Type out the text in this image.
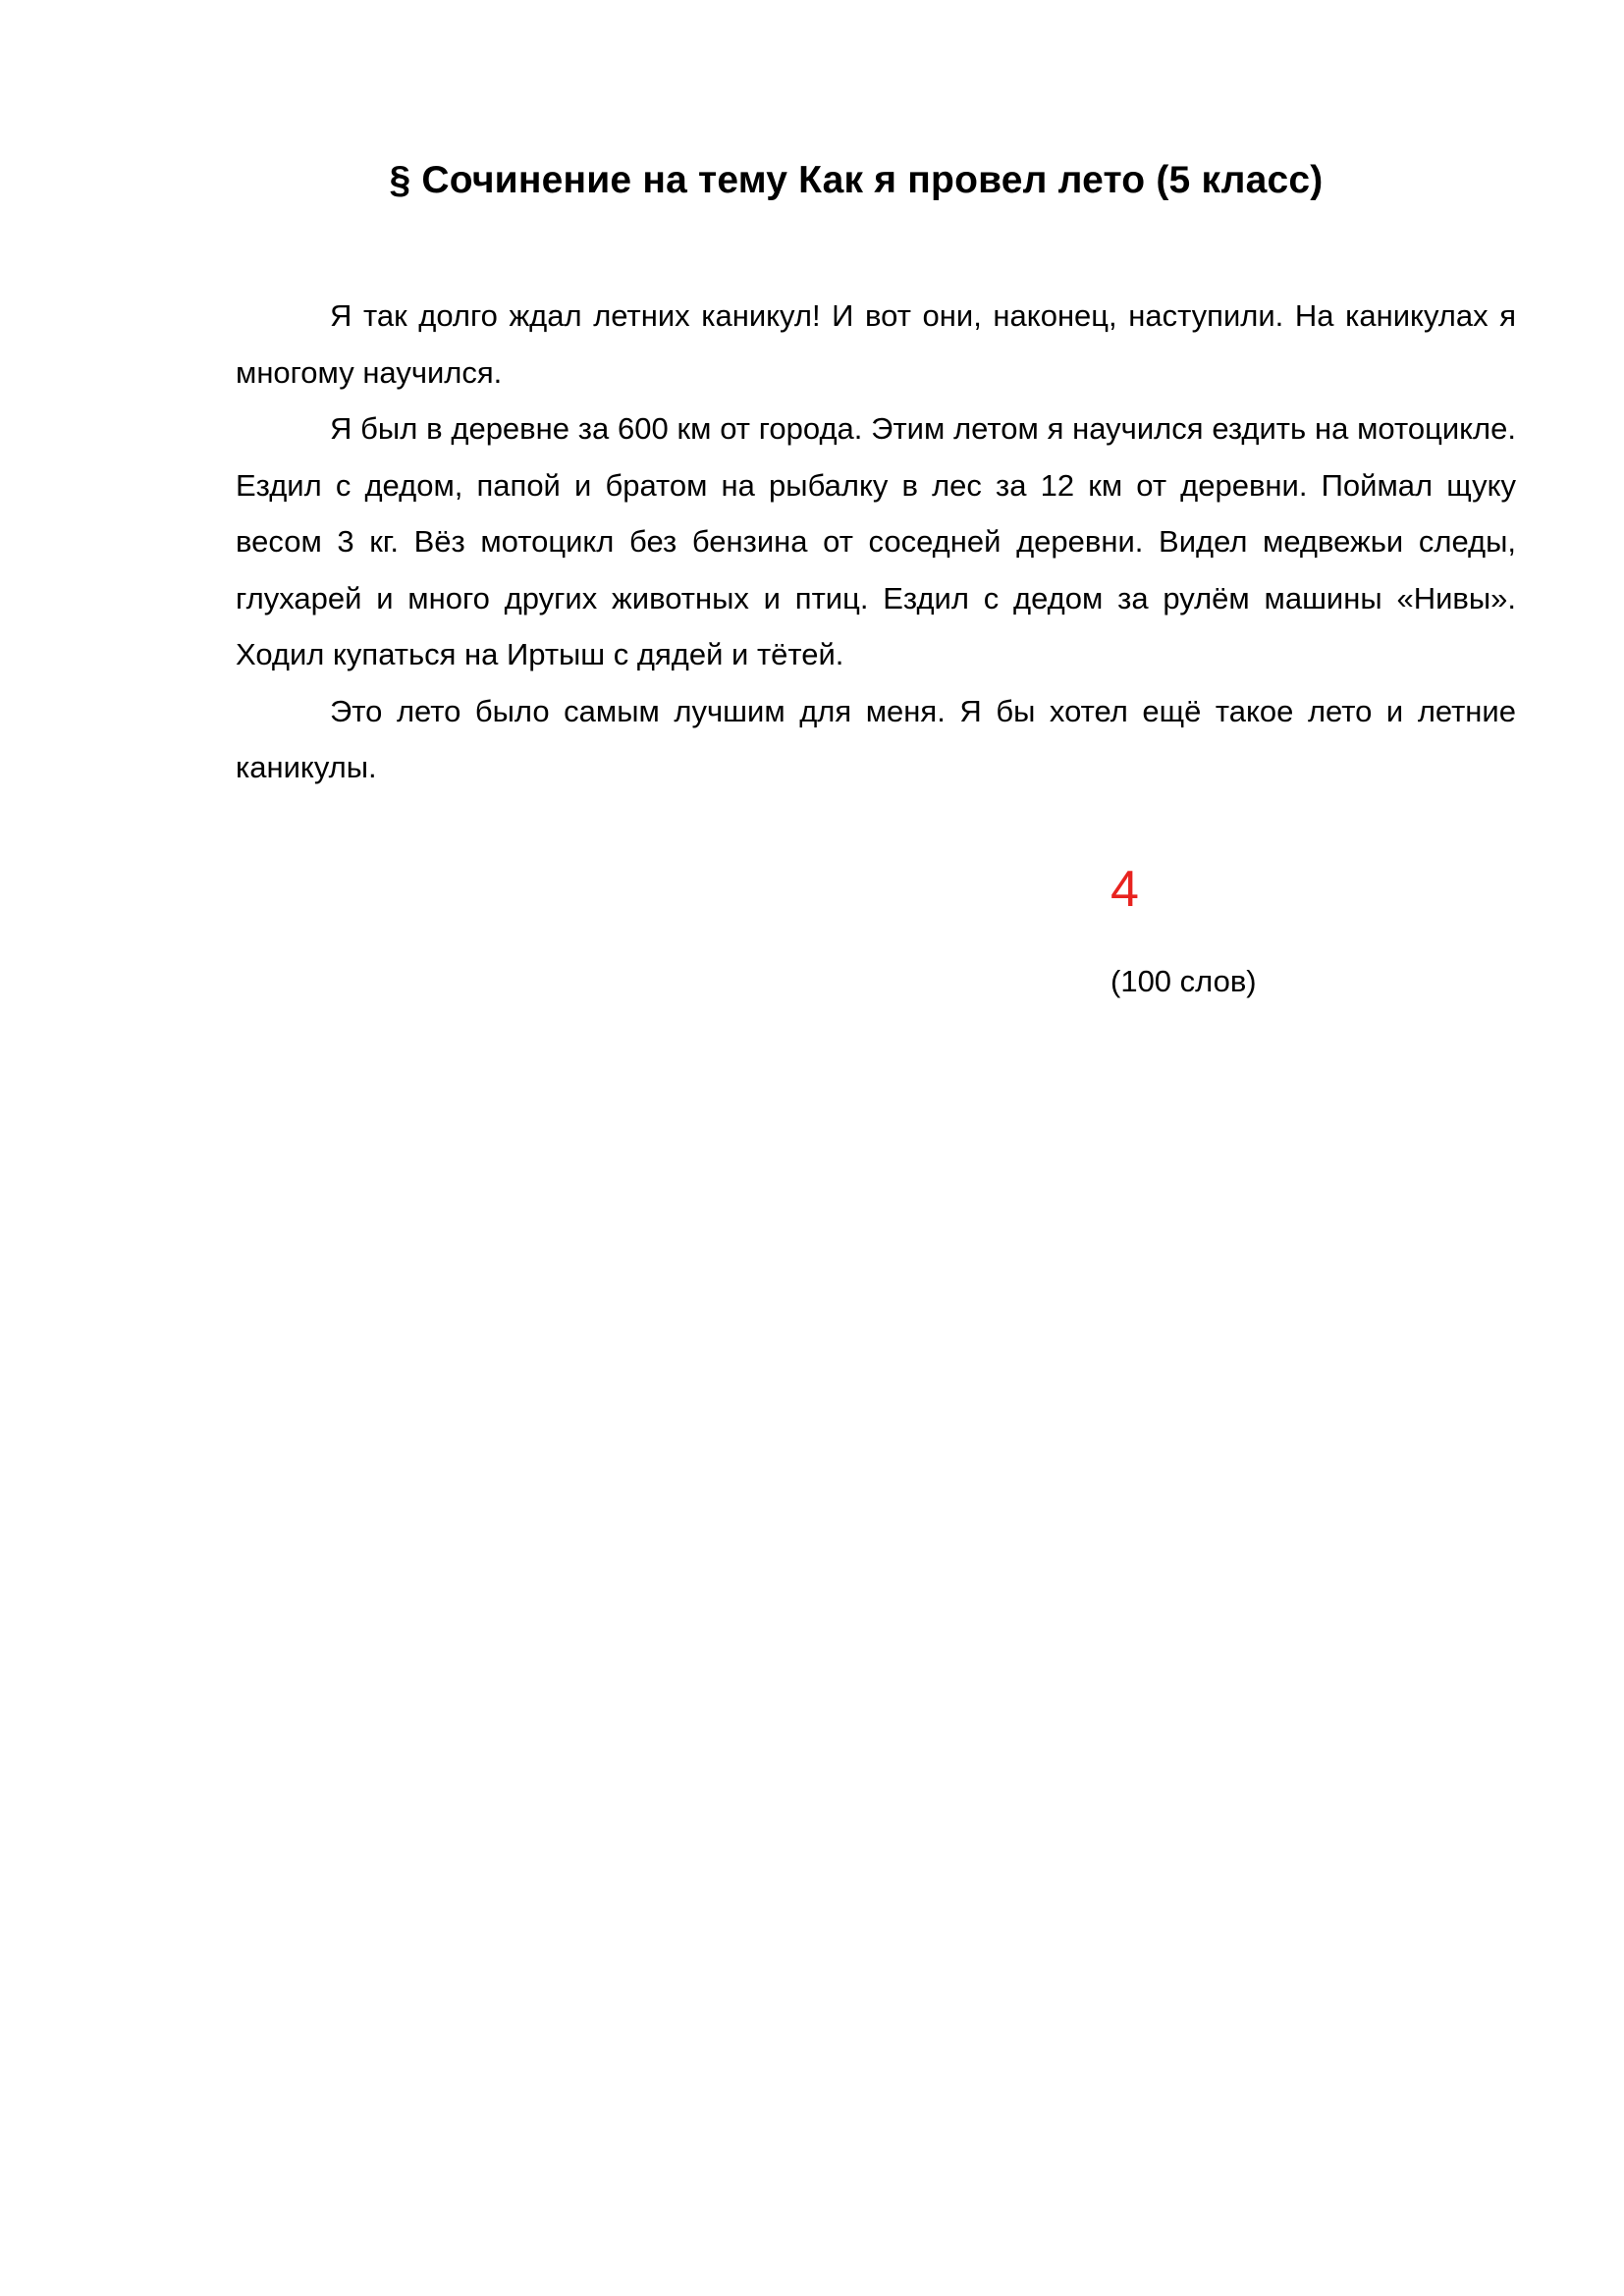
§ Сочинение на тему Как я провел лето (5 класс)

Я так долго ждал летних каникул! И вот они, наконец, наступили. На каникулах я многому научился.

Я был в деревне за 600 км от города. Этим летом я научился ездить на мотоцикле. Ездил с дедом, папой и братом на рыбалку в лес за 12 км от деревни. Поймал щуку весом 3 кг. Вёз мотоцикл без бензина от соседней деревни. Видел медвежьи следы, глухарей и много других животных и птиц. Ездил с дедом за рулём машины «Нивы». Ходил купаться на Иртыш с дядей и тётей.

Это лето было самым лучшим для меня. Я бы хотел ещё такое лето и летние каникулы.

4

(100 слов)
